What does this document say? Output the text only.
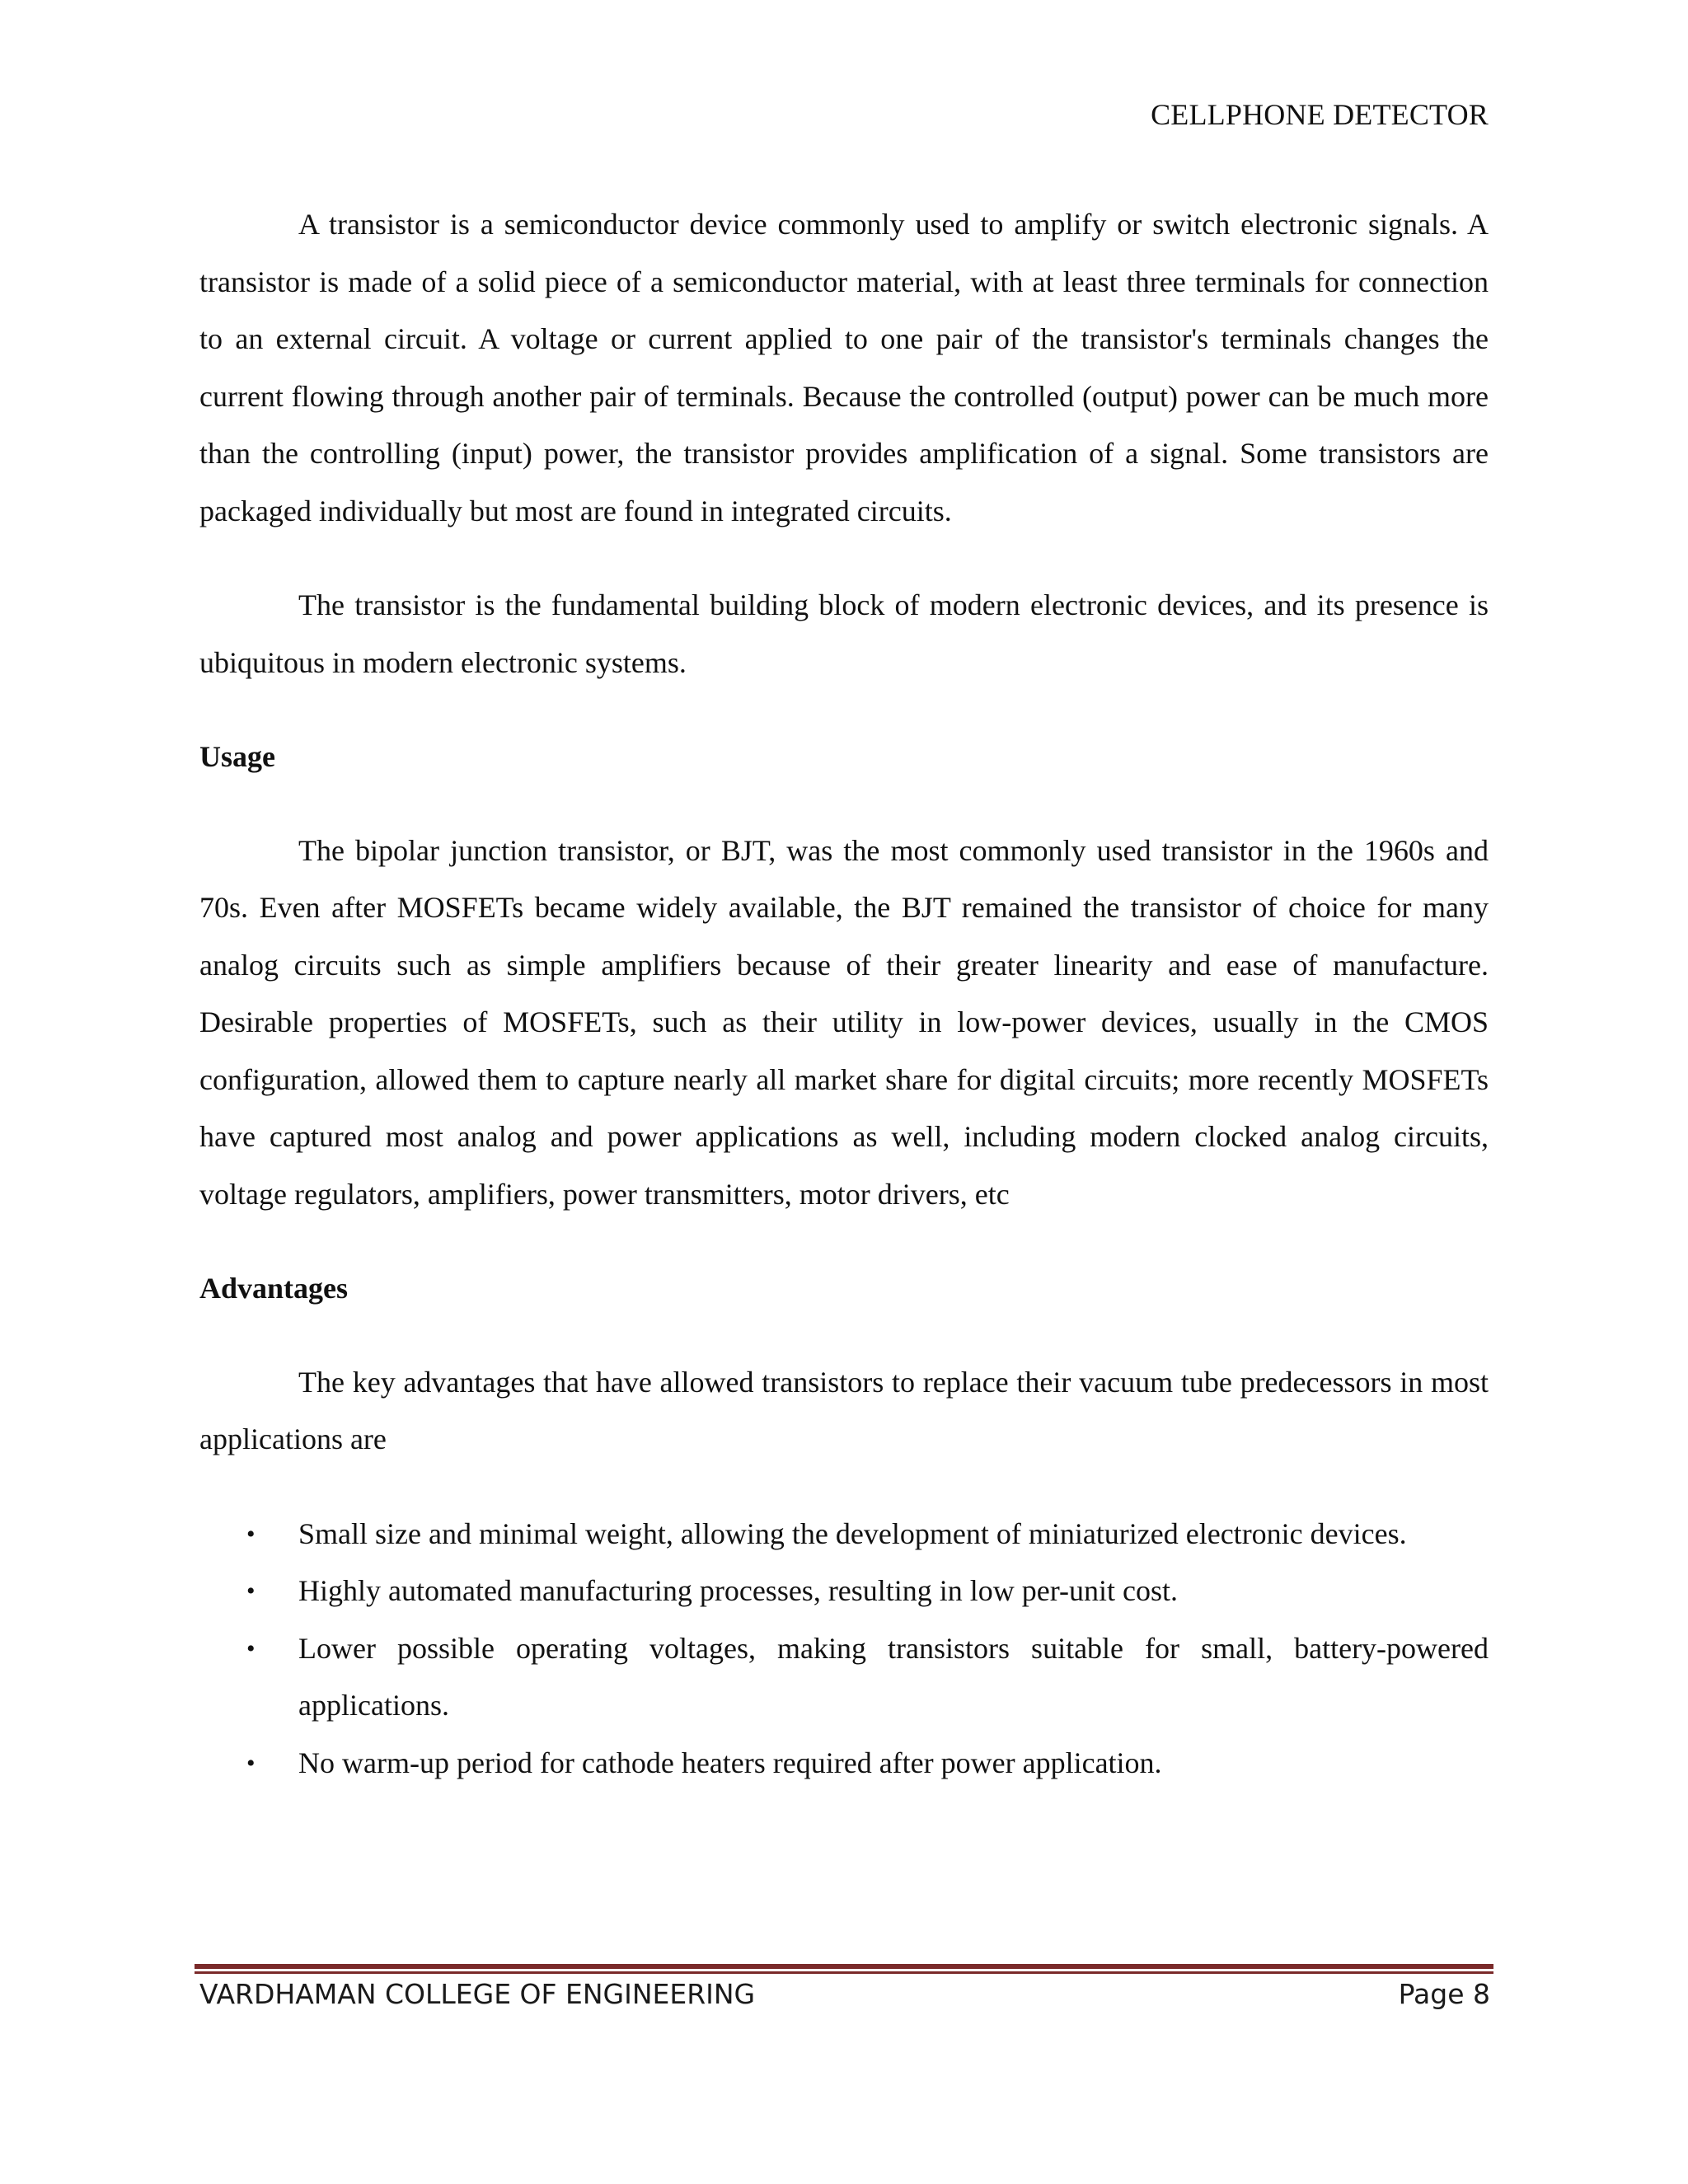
CELLPHONE DETECTOR

A transistor is a semiconductor device commonly used to amplify or switch electronic signals. A transistor is made of a solid piece of a semiconductor material, with at least three terminals for connection to an external circuit. A voltage or current applied to one pair of the transistor's terminals changes the current flowing through another pair of terminals. Because the controlled (output) power can be much more than the controlling (input) power, the transistor provides amplification of a signal. Some transistors are packaged individually but most are found in integrated circuits.

The transistor is the fundamental building block of modern electronic devices, and its presence is ubiquitous in modern electronic systems.

Usage

The bipolar junction transistor, or BJT, was the most commonly used transistor in the 1960s and 70s. Even after MOSFETs became widely available, the BJT remained the transistor of choice for many analog circuits such as simple amplifiers because of their greater linearity and ease of manufacture. Desirable properties of MOSFETs, such as their utility in low-power devices, usually in the CMOS configuration, allowed them to capture nearly all market share for digital circuits; more recently MOSFETs have captured most analog and power applications as well, including modern clocked analog circuits, voltage regulators, amplifiers, power transmitters, motor drivers, etc

Advantages

The key advantages that have allowed transistors to replace their vacuum tube predecessors in most applications are

• Small size and minimal weight, allowing the development of miniaturized electronic devices.
• Highly automated manufacturing processes, resulting in low per-unit cost.
• Lower possible operating voltages, making transistors suitable for small, battery-powered applications.
• No warm-up period for cathode heaters required after power application.
VARDHAMAN COLLEGE OF ENGINEERING	Page 8
